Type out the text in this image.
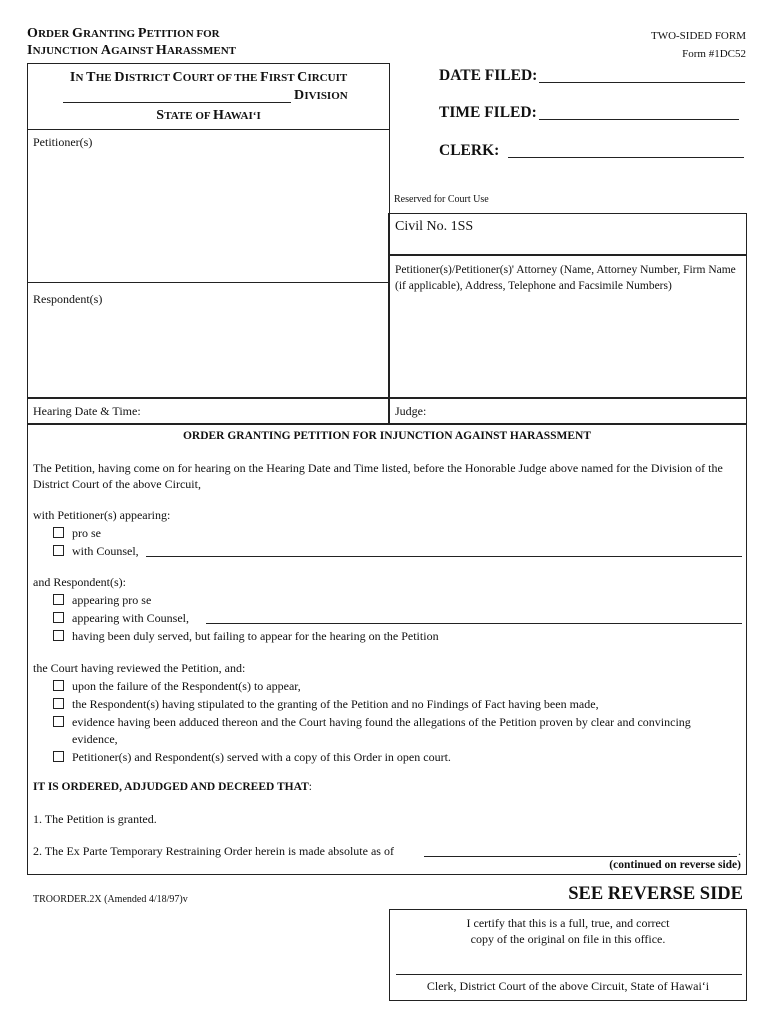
ORDER GRANTING PETITION FOR
INJUNCTION AGAINST HARASSMENT
TWO-SIDED FORM
Form #1DC52
IN THE DISTRICT COURT OF THE FIRST CIRCUIT
DIVISION
STATE OF HAWAI‘I
DATE FILED:
TIME FILED:
CLERK:
Reserved for Court Use
Petitioner(s)
Respondent(s)
Civil No. 1SS
Petitioner(s)/Petitioner(s)' Attorney (Name, Attorney Number, Firm Name (if applicable), Address, Telephone and Facsimile Numbers)
Hearing Date & Time:	Judge:
ORDER GRANTING PETITION FOR INJUNCTION AGAINST HARASSMENT
The Petition, having come on for hearing on the Hearing Date and Time listed, before the Honorable Judge above named for the Division of the District Court of the above Circuit,
with Petitioner(s) appearing:
pro se
with Counsel,
and Respondent(s):
appearing pro se
appearing with Counsel,
having been duly served, but failing to appear for the hearing on the Petition
the Court having reviewed the Petition, and:
upon the failure of the Respondent(s) to appear,
the Respondent(s) having stipulated to the granting of the Petition and no Findings of Fact having been made,
evidence having been adduced thereon and the Court having found the allegations of the Petition proven by clear and convincing
evidence,
Petitioner(s) and Respondent(s) served with a copy of this Order in open court.
IT IS ORDERED, ADJUDGED AND DECREED THAT:
1. The Petition is granted.
2. The Ex Parte Temporary Restraining Order herein is made absolute as of	.
(continued on reverse side)
TROORDER.2X (Amended 4/18/97)v	SEE REVERSE SIDE
I certify that this is a full, true, and correct
copy of the original on file in this office.
Clerk, District Court of the above Circuit, State of Hawai‘i
